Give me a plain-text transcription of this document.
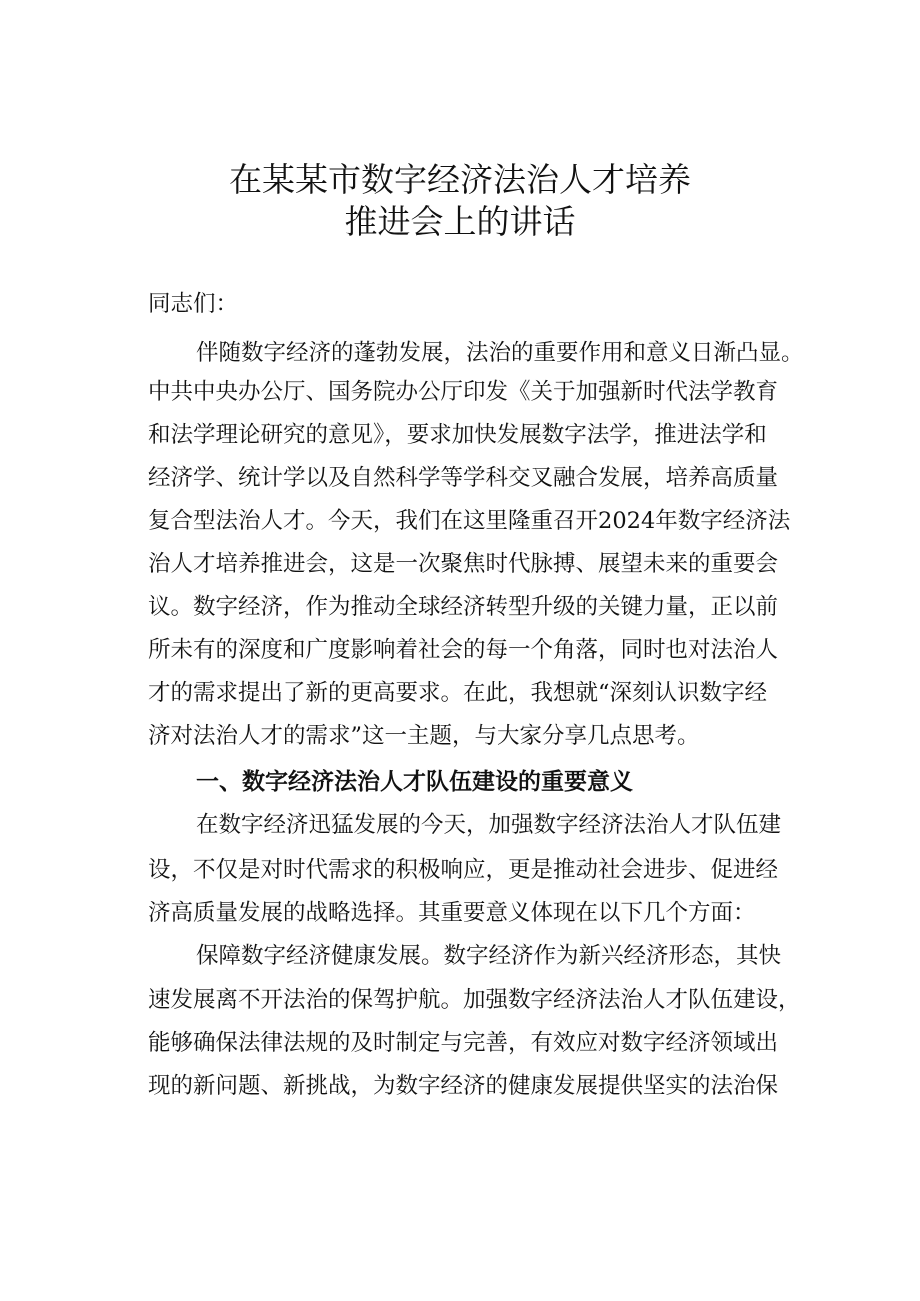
在某某市数字经济法治人才培养
推进会上的讲话

同志们：

伴随数字经济的蓬勃发展，法治的重要作用和意义日渐凸显。

中共中央办公厅、国务院办公厅印发《关于加强新时代法学教育

和法学理论研究的意见》，要求加快发展数字法学，推进法学和

经济学、统计学以及自然科学等学科交叉融合发展，培养高质量

复合型法治人才。今天，我们在这里隆重召开2024年数字经济法

治人才培养推进会，这是一次聚焦时代脉搏、展望未来的重要会

议。数字经济，作为推动全球经济转型升级的关键力量，正以前

所未有的深度和广度影响着社会的每一个角落，同时也对法治人

才的需求提出了新的更高要求。在此，我想就“深刻认识数字经

济对法治人才的需求”这一主题，与大家分享几点思考。

一、数字经济法治人才队伍建设的重要意义

在数字经济迅猛发展的今天，加强数字经济法治人才队伍建

设，不仅是对时代需求的积极响应，更是推动社会进步、促进经

济高质量发展的战略选择。其重要意义体现在以下几个方面：

保障数字经济健康发展。数字经济作为新兴经济形态，其快

速发展离不开法治的保驾护航。加强数字经济法治人才队伍建设，

能够确保法律法规的及时制定与完善，有效应对数字经济领域出

现的新问题、新挑战，为数字经济的健康发展提供坚实的法治保
